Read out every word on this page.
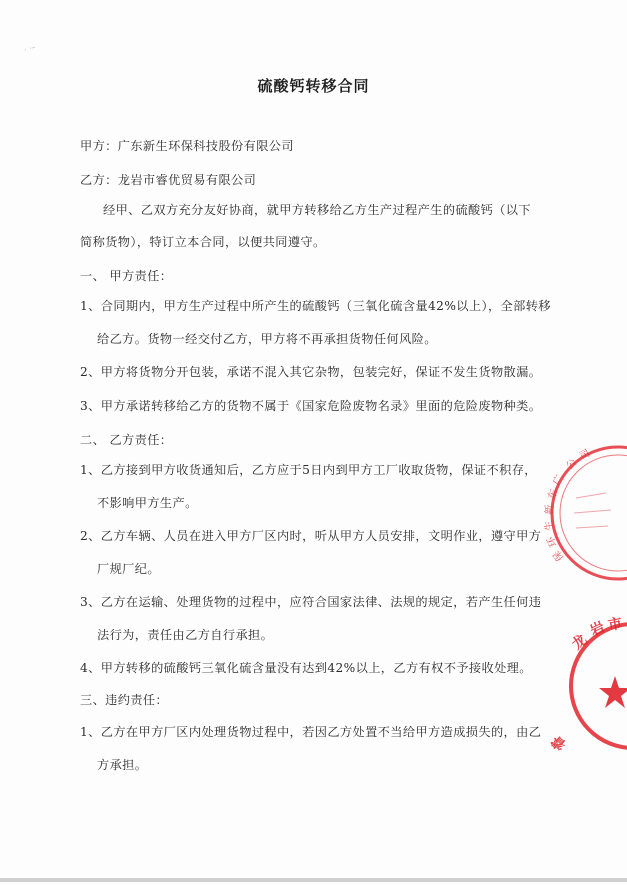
· ·–
硫酸钙转移合同
甲方：广东新生环保科技股份有限公司
乙方：龙岩市睿优贸易有限公司
经甲、乙双方充分友好协商，就甲方转移给乙方生产过程产生的硫酸钙（以下
简称货物），特订立本合同，以便共同遵守。
一、 甲方责任：
1、合同期内，甲方生产过程中所产生的硫酸钙（三氧化硫含量42%以上），全部转移
给乙方。货物一经交付乙方，甲方将不再承担货物任何风险。
2、甲方将货物分开包装，承诺不混入其它杂物，包装完好，保证不发生货物散漏。
3、甲方承诺转移给乙方的货物不属于《国家危险废物名录》里面的危险废物种类。
二、 乙方责任：
1、乙方接到甲方收货通知后，乙方应于5日内到甲方工厂收取货物，保证不积存，
不影响甲方生产。
2、乙方车辆、人员在进入甲方厂区内时，听从甲方人员安排，文明作业，遵守甲方
厂规厂纪。
3、乙方在运输、处理货物的过程中，应符合国家法律、法规的规定，若产生任何违
法行为，责任由乙方自行承担。
4、甲方转移的硫酸钙三氧化硫含量没有达到42%以上，乙方有权不予接收处理。
三、违约责任：
1、乙方在甲方厂区内处理货物过程中，若因乙方处置不当给甲方造成损失的，由乙
方承担。
广
东
新
生
环
保
公
司
龙
岩 市
睿
